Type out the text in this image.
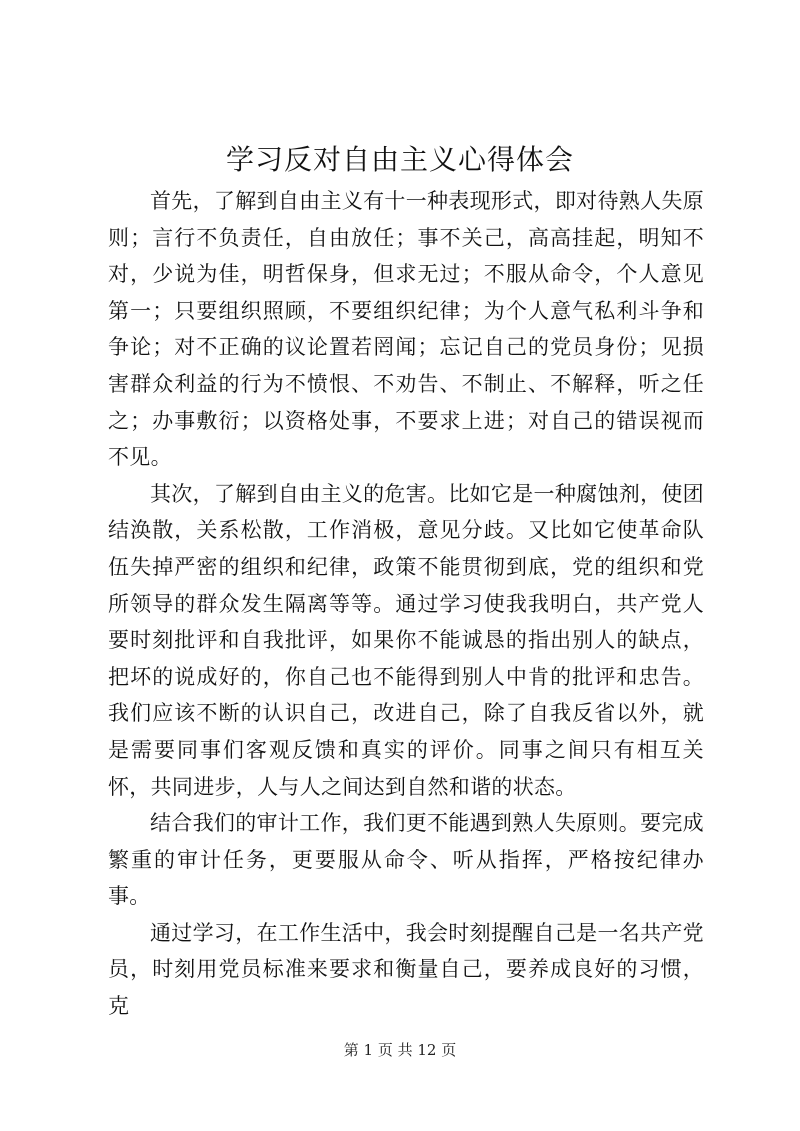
学习反对自由主义心得体会

首先，了解到自由主义有十一种表现形式，即对待熟人失原则；言行不负责任，自由放任；事不关己，高高挂起，明知不对，少说为佳，明哲保身，但求无过；不服从命令，个人意见第一；只要组织照顾，不要组织纪律；为个人意气私利斗争和争论；对不正确的议论置若罔闻；忘记自己的党员身份；见损害群众利益的行为不愤恨、不劝告、不制止、不解释，听之任之；办事敷衍；以资格处事，不要求上进；对自己的错误视而不见。

其次，了解到自由主义的危害。比如它是一种腐蚀剂，使团结涣散，关系松散，工作消极，意见分歧。又比如它使革命队伍失掉严密的组织和纪律，政策不能贯彻到底，党的组织和党所领导的群众发生隔离等等。通过学习使我我明白，共产党人要时刻批评和自我批评，如果你不能诚恳的指出别人的缺点，把坏的说成好的，你自己也不能得到别人中肯的批评和忠告。我们应该不断的认识自己，改进自己，除了自我反省以外，就是需要同事们客观反馈和真实的评价。同事之间只有相互关怀，共同进步，人与人之间达到自然和谐的状态。

结合我们的审计工作，我们更不能遇到熟人失原则。要完成繁重的审计任务，更要服从命令、听从指挥，严格按纪律办事。

通过学习，在工作生活中，我会时刻提醒自己是一名共产党员，时刻用党员标准来要求和衡量自己，要养成良好的习惯，克

第 1 页 共 12 页
